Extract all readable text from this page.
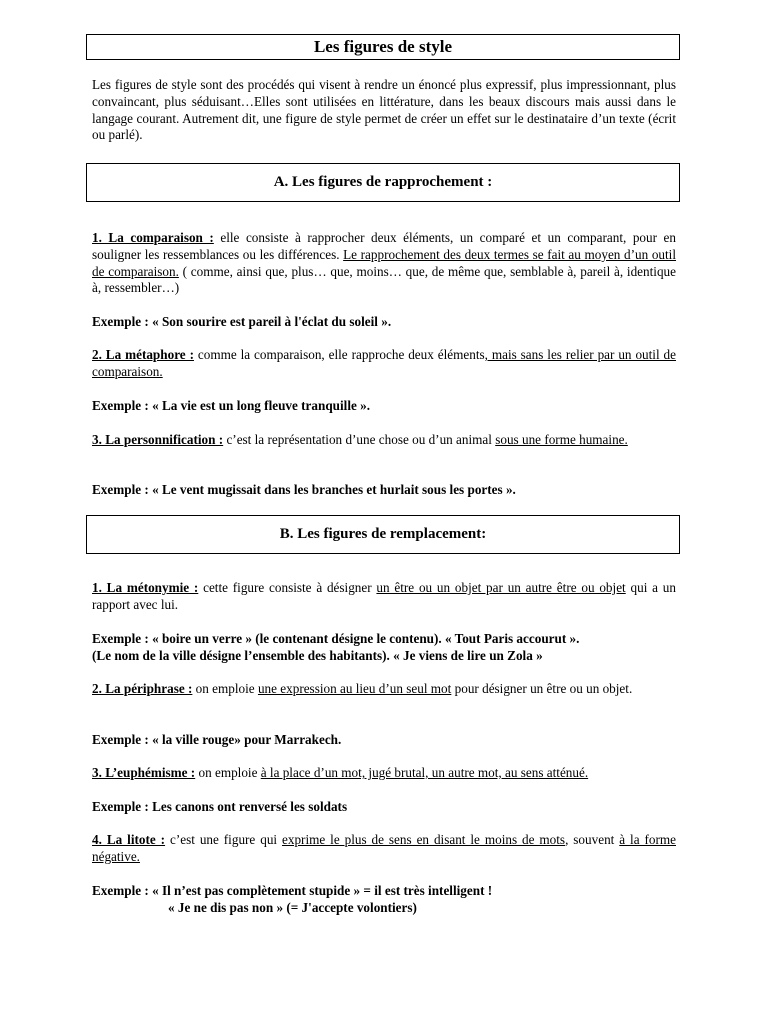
Les figures de style

Les figures de style sont des procédés qui visent à rendre un énoncé plus expressif, plus impressionnant, plus convaincant, plus séduisant…Elles sont utilisées en littérature, dans les beaux discours mais aussi dans le langage courant. Autrement dit, une figure de style permet de créer un effet sur le destinataire d’un texte (écrit ou parlé).

A. Les figures de rapprochement :

1. La comparaison : elle consiste à rapprocher deux éléments, un comparé et un comparant, pour en souligner les ressemblances ou les différences. Le rapprochement des deux termes se fait au moyen d’un outil de comparaison. ( comme, ainsi que, plus… que, moins… que, de même que, semblable à, pareil à, identique à, ressembler…)

Exemple : « Son sourire est pareil à l'éclat du soleil ».

2. La métaphore : comme la comparaison, elle rapproche deux éléments, mais sans les relier par un outil de comparaison.

Exemple : « La vie est un long fleuve tranquille ».

3. La personnification : c’est la représentation d’une chose ou d’un animal sous une forme humaine.

Exemple : « Le vent mugissait dans les branches et hurlait sous les portes ».

B. Les figures de remplacement:

1. La métonymie : cette figure consiste à désigner un être ou un objet par un autre être ou objet qui a un rapport avec lui.

Exemple : « boire un verre » (le contenant désigne le contenu). « Tout Paris accourut ».
(Le nom de la ville désigne l’ensemble des habitants). « Je viens de lire un Zola »

2. La périphrase : on emploie une expression au lieu d’un seul mot pour désigner un être ou un objet.

Exemple : « la ville rouge» pour Marrakech.

3. L’euphémisme : on emploie à la place d’un mot, jugé brutal, un autre mot, au sens atténué.

Exemple : Les canons ont renversé les soldats

4. La litote : c’est une figure qui exprime le plus de sens en disant le moins de mots, souvent à la forme négative.

Exemple : « Il n’est pas complètement stupide » = il est très intelligent !
« Je ne dis pas non » (= J'accepte volontiers)
